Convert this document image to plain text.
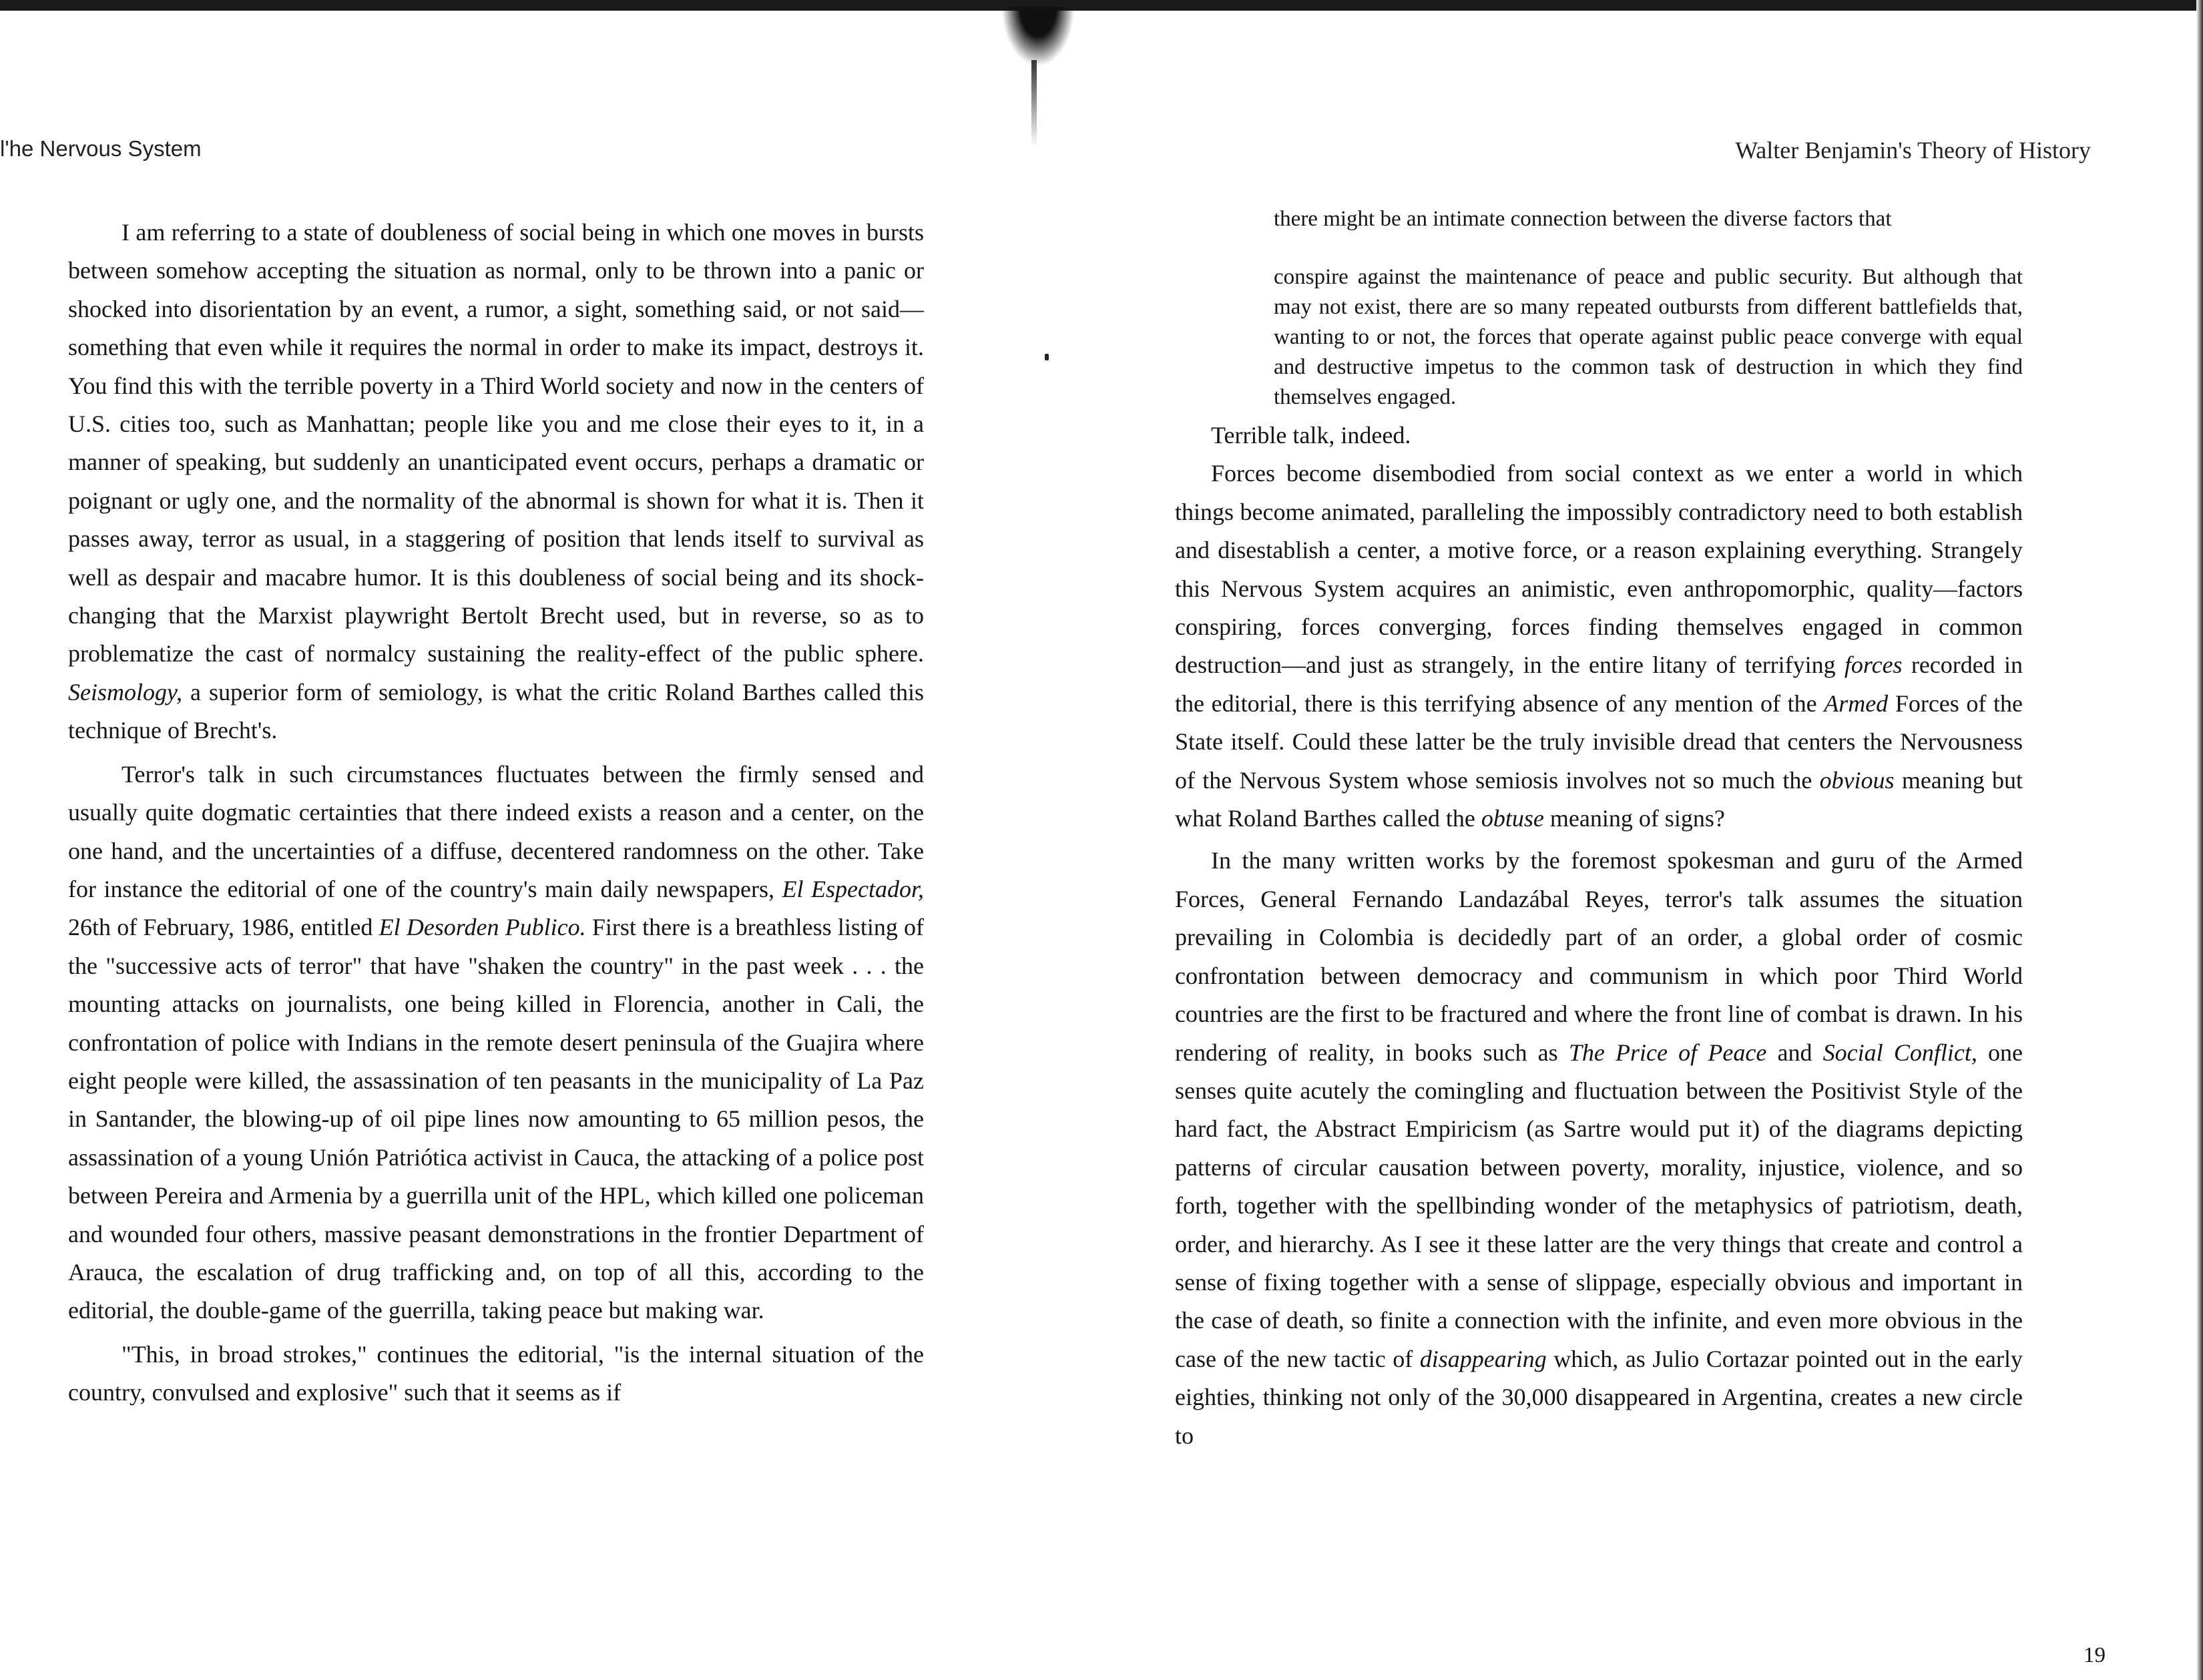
l'he Nervous System	Walter Benjamin's Theory of History

I am referring to a state of doubleness of social being in which one moves in bursts between somehow accepting the situation as normal, only to be thrown into a panic or shocked into disorientation by an event, a rumor, a sight, something said, or not said—something that even while it requires the normal in order to make its impact, destroys it. You find this with the terrible poverty in a Third World society and now in the centers of U.S. cities too, such as Manhattan; people like you and me close their eyes to it, in a manner of speaking, but suddenly an unanticipated event occurs, perhaps a dramatic or poignant or ugly one, and the normality of the abnormal is shown for what it is. Then it passes away, terror as usual, in a staggering of position that lends itself to survival as well as despair and macabre humor. It is this doubleness of social being and its shock-changing that the Marxist playwright Bertolt Brecht used, but in reverse, so as to problematize the cast of normalcy sustaining the reality-effect of the public sphere. Seismology, a superior form of semiology, is what the critic Roland Barthes called this technique of Brecht's.

Terror's talk in such circumstances fluctuates between the firmly sensed and usually quite dogmatic certainties that there indeed exists a reason and a center, on the one hand, and the uncertainties of a diffuse, decentered randomness on the other. Take for instance the editorial of one of the country's main daily newspapers, El Espectador, 26th of February, 1986, entitled El Desorden Publico. First there is a breathless listing of the "successive acts of terror" that have "shaken the country" in the past week . . . the mounting attacks on journalists, one being killed in Florencia, another in Cali, the confrontation of police with Indians in the remote desert peninsula of the Guajira where eight people were killed, the assassination of ten peasants in the municipality of La Paz in Santander, the blowing-up of oil pipe lines now amounting to 65 million pesos, the assassination of a young Unión Patriótica activist in Cauca, the attacking of a police post between Pereira and Armenia by a guerrilla unit of the HPL, which killed one policeman and wounded four others, massive peasant demonstrations in the frontier Department of Arauca, the escalation of drug trafficking and, on top of all this, according to the editorial, the double-game of the guerrilla, taking peace but making war.

"This, in broad strokes," continues the editorial, "is the internal situation of the country, convulsed and explosive" such that it seems as if

there might be an intimate connection between the diverse factors that
conspire against the maintenance of peace and public security. But although that may not exist, there are so many repeated outbursts from different battlefields that, wanting to or not, the forces that operate against public peace converge with equal and destructive impetus to the common task of destruction in which they find themselves engaged.

Terrible talk, indeed.

Forces become disembodied from social context as we enter a world in which things become animated, paralleling the impossibly contradictory need to both establish and disestablish a center, a motive force, or a reason explaining everything. Strangely this Nervous System acquires an animistic, even anthropomorphic, quality—factors conspiring, forces converging, forces finding themselves engaged in common destruction—and just as strangely, in the entire litany of terrifying forces recorded in the editorial, there is this terrifying absence of any mention of the Armed Forces of the State itself. Could these latter be the truly invisible dread that centers the Nervousness of the Nervous System whose semiosis involves not so much the obvious meaning but what Roland Barthes called the obtuse meaning of signs?

In the many written works by the foremost spokesman and guru of the Armed Forces, General Fernando Landazábal Reyes, terror's talk assumes the situation prevailing in Colombia is decidedly part of an order, a global order of cosmic confrontation between democracy and communism in which poor Third World countries are the first to be fractured and where the front line of combat is drawn. In his rendering of reality, in books such as The Price of Peace and Social Conflict, one senses quite acutely the comingling and fluctuation between the Positivist Style of the hard fact, the Abstract Empiricism (as Sartre would put it) of the diagrams depicting patterns of circular causation between poverty, morality, injustice, violence, and so forth, together with the spellbinding wonder of the metaphysics of patriotism, death, order, and hierarchy. As I see it these latter are the very things that create and control a sense of fixing together with a sense of slippage, especially obvious and important in the case of death, so finite a connection with the infinite, and even more obvious in the case of the new tactic of disappearing which, as Julio Cortazar pointed out in the early eighties, thinking not only of the 30,000 disappeared in Argentina, creates a new circle to

19
